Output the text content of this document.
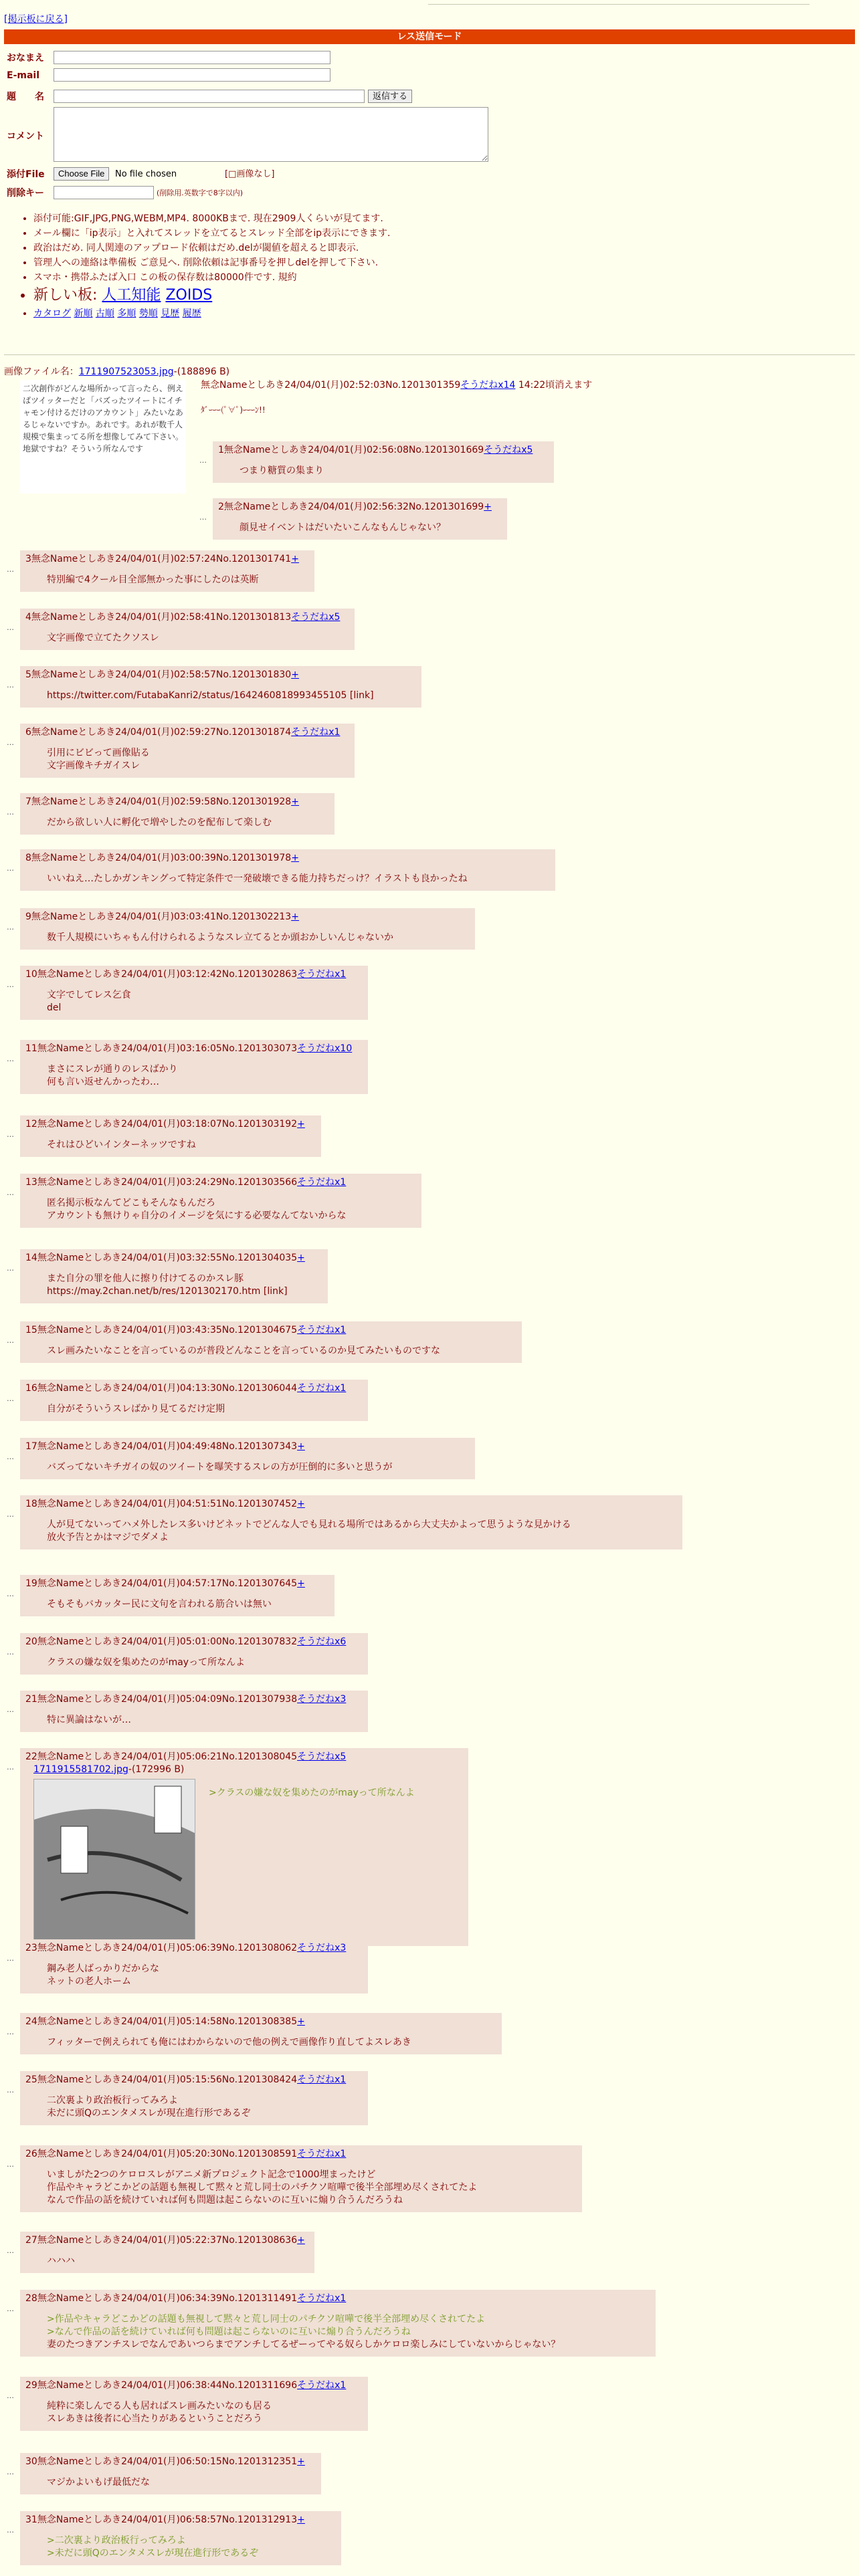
[掲示板に戻る]
レス送信モード
おなまえ
E-mail
題　　名	返信する
コメント
添付File	Choose File	No file chosen	[□画像なし]
削除キー	(削除用.英数字で8字以内)
• 添付可能:GIF,JPG,PNG,WEBM,MP4. 8000KBまで. 現在2909人くらいが見てます.
• メール欄に「ip表示」と入れてスレッドを立てるとスレッド全部をip表示にできます.
• 政治はだめ. 同人関連のアップロード依頼はだめ.delが閾値を超えると即表示.
• 管理人への連絡は準備板 ご意見へ. 削除依頼は記事番号を押しdelを押して下さい.
• スマホ・携帯ふたば入口 この板の保存数は80000件です. 規約
• 新しい板: 人工知能 ZOIDS
• カタログ 新順 古順 多順 勢順 見歴 履歴
画像ファイル名：1711907523053.jpg-(188896 B)
二次創作がどんな場所かって言ったら、例えばツイッターだと「バズったツイートにイチャモン付けるだけのアカウント」みたいなあるじゃないですか。あれです。あれが数千人規模で集まってる所を想像してみて下さい。地獄ですね？そういう所なんです
無念Nameとしあき24/04/01(月)02:52:03No.1201301359そうだねx14 14:22頃消えます
ﾀﾞｰｰｰ(ﾟ∀ﾟ)ｰｰｰﾝ!!
…
1無念Nameとしあき24/04/01(月)02:56:08No.1201301669そうだねx5
つまり糖質の集まり
…
2無念Nameとしあき24/04/01(月)02:56:32No.1201301699+
顔見せイベントはだいたいこんなもんじゃない？
…
3無念Nameとしあき24/04/01(月)02:57:24No.1201301741+
特別編で4クール目全部無かった事にしたのは英断
…
4無念Nameとしあき24/04/01(月)02:58:41No.1201301813そうだねx5
文字画像で立てたクソスレ
…
5無念Nameとしあき24/04/01(月)02:58:57No.1201301830+
https://twitter.com/FutabaKanri2/status/1642460818993455105 [link]
…
6無念Nameとしあき24/04/01(月)02:59:27No.1201301874そうだねx1
引用にビビって画像貼る
文字画像キチガイスレ
…
7無念Nameとしあき24/04/01(月)02:59:58No.1201301928+
だから欲しい人に孵化で増やしたのを配布して楽しむ
…
8無念Nameとしあき24/04/01(月)03:00:39No.1201301978+
いいねえ…たしかガンキングって特定条件で一発破壊できる能力持ちだっけ？イラストも良かったね
…
9無念Nameとしあき24/04/01(月)03:03:41No.1201302213+
数千人規模にいちゃもん付けられるようなスレ立てるとか頭おかしいんじゃないか
…
10無念Nameとしあき24/04/01(月)03:12:42No.1201302863そうだねx1
文字でしてレス乞食
del
…
11無念Nameとしあき24/04/01(月)03:16:05No.1201303073そうだねx10
まさにスレが通りのレスばかり
何も言い返せんかったわ…
…
12無念Nameとしあき24/04/01(月)03:18:07No.1201303192+
それはひどいインターネッツですね
…
13無念Nameとしあき24/04/01(月)03:24:29No.1201303566そうだねx1
匿名掲示板なんてどこもそんなもんだろ
アカウントも無けりゃ自分のイメージを気にする必要なんてないからな
…
14無念Nameとしあき24/04/01(月)03:32:55No.1201304035+
また自分の罪を他人に擦り付けてるのかスレ豚
https://may.2chan.net/b/res/1201302170.htm [link]
…
15無念Nameとしあき24/04/01(月)03:43:35No.1201304675そうだねx1
スレ画みたいなことを言っているのが普段どんなことを言っているのか見てみたいものですな
…
16無念Nameとしあき24/04/01(月)04:13:30No.1201306044そうだねx1
自分がそういうスレばかり見てるだけ定期
…
17無念Nameとしあき24/04/01(月)04:49:48No.1201307343+
バズってないキチガイの奴のツイートを曝笑するスレの方が圧倒的に多いと思うが
…
18無念Nameとしあき24/04/01(月)04:51:51No.1201307452+
人が見てないってハメ外したレス多いけどネットでどんな人でも見れる場所ではあるから大丈夫かよって思うような見かける
放火予告とかはマジでダメよ
…
19無念Nameとしあき24/04/01(月)04:57:17No.1201307645+
そもそもバカッター民に文句を言われる筋合いは無い
…
20無念Nameとしあき24/04/01(月)05:01:00No.1201307832そうだねx6
クラスの嫌な奴を集めたのがmayって所なんよ
…
21無念Nameとしあき24/04/01(月)05:04:09No.1201307938そうだねx3
特に異論はないが…
…
22無念Nameとしあき24/04/01(月)05:06:21No.1201308045そうだねx5
1711915581702.jpg-(172996 B)
>クラスの嫌な奴を集めたのがmayって所なんよ
…
23無念Nameとしあき24/04/01(月)05:06:39No.1201308062そうだねx3
鋼み老人ばっかりだからな
ネットの老人ホーム
…
24無念Nameとしあき24/04/01(月)05:14:58No.1201308385+
フィッターで例えられても俺にはわからないので他の例えで画像作り直してよスレあき
…
25無念Nameとしあき24/04/01(月)05:15:56No.1201308424そうだねx1
二次裏より政治板行ってみろよ
未だに頭Qのエンタメスレが現在進行形であるぞ
…
26無念Nameとしあき24/04/01(月)05:20:30No.1201308591そうだねx1
いましがた2つのケロロスレがアニメ新プロジェクト記念で1000埋まったけど
作品やキャラどこかどの話題も無視して黙々と荒し同士のパチクソ喧嘩で後半全部埋め尽くされてたよ
なんで作品の話を続けていれば何も問題は起こらないのに互いに煽り合うんだろうね
…
27無念Nameとしあき24/04/01(月)05:22:37No.1201308636+
ハハハ
…
28無念Nameとしあき24/04/01(月)06:34:39No.1201311491そうだねx1
>作品やキャラどこかどの話題も無視して黙々と荒し同士のパチクソ喧嘩で後半全部埋め尽くされてたよ
>なんで作品の話を続けていれば何も問題は起こらないのに互いに煽り合うんだろうね
妻のたつきアンチスレでなんであいつらまでアンチしてるぜーってやる奴らしかケロロ楽しみにしていないからじゃない？
…
29無念Nameとしあき24/04/01(月)06:38:44No.1201311696そうだねx1
純粋に楽しんでる人も居ればスレ画みたいなのも居る
スレあきは後者に心当たりがあるということだろう
…
30無念Nameとしあき24/04/01(月)06:50:15No.1201312351+
マジかよいもげ最低だな
…
31無念Nameとしあき24/04/01(月)06:58:57No.1201312913+
>二次裏より政治板行ってみろよ
>未だに頭Qのエンタメスレが現在進行形であるぞ
